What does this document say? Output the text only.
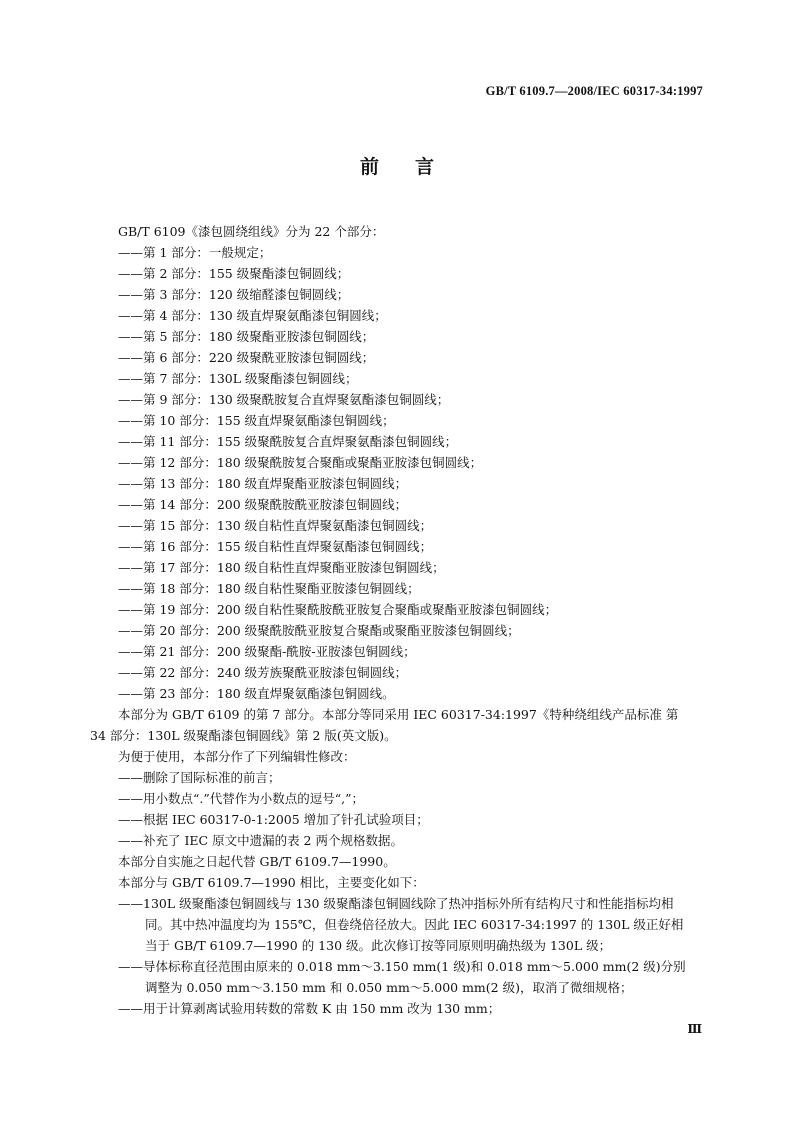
GB/T 6109.7—2008/IEC 60317-34:1997
前言
GB/T 6109《漆包圆绕组线》分为 22 个部分：
——第 1 部分：一般规定；
——第 2 部分：155 级聚酯漆包铜圆线；
——第 3 部分：120 级缩醛漆包铜圆线；
——第 4 部分：130 级直焊聚氨酯漆包铜圆线；
——第 5 部分：180 级聚酯亚胺漆包铜圆线；
——第 6 部分：220 级聚酰亚胺漆包铜圆线；
——第 7 部分：130L 级聚酯漆包铜圆线；
——第 9 部分：130 级聚酰胺复合直焊聚氨酯漆包铜圆线；
——第 10 部分：155 级直焊聚氨酯漆包铜圆线；
——第 11 部分：155 级聚酰胺复合直焊聚氨酯漆包铜圆线；
——第 12 部分：180 级聚酰胺复合聚酯或聚酯亚胺漆包铜圆线；
——第 13 部分：180 级直焊聚酯亚胺漆包铜圆线；
——第 14 部分：200 级聚酰胺酰亚胺漆包铜圆线；
——第 15 部分：130 级自粘性直焊聚氨酯漆包铜圆线；
——第 16 部分：155 级自粘性直焊聚氨酯漆包铜圆线；
——第 17 部分：180 级自粘性直焊聚酯亚胺漆包铜圆线；
——第 18 部分：180 级自粘性聚酯亚胺漆包铜圆线；
——第 19 部分：200 级自粘性聚酰胺酰亚胺复合聚酯或聚酯亚胺漆包铜圆线；
——第 20 部分：200 级聚酰胺酰亚胺复合聚酯或聚酯亚胺漆包铜圆线；
——第 21 部分：200 级聚酯-酰胺-亚胺漆包铜圆线；
——第 22 部分：240 级芳族聚酰亚胺漆包铜圆线；
——第 23 部分：180 级直焊聚氨酯漆包铜圆线。
本部分为 GB/T 6109 的第 7 部分。本部分等同采用 IEC 60317-34:1997《特种绕组线产品标准 第 34 部分：130L 级聚酯漆包铜圆线》第 2 版(英文版)。
为便于使用，本部分作了下列编辑性修改：
——删除了国际标准的前言；
——用小数点“.”代替作为小数点的逗号“,”；
——根据 IEC 60317-0-1:2005 增加了针孔试验项目；
——补充了 IEC 原文中遗漏的表 2 两个规格数据。
本部分自实施之日起代替 GB/T 6109.7—1990。
本部分与 GB/T 6109.7—1990 相比，主要变化如下：
——130L 级聚酯漆包铜圆线与 130 级聚酯漆包铜圆线除了热冲指标外所有结构尺寸和性能指标均相同。其中热冲温度均为 155℃，但卷绕倍径放大。因此 IEC 60317-34:1997 的 130L 级正好相当于 GB/T 6109.7—1990 的 130 级。此次修订按等同原则明确热级为 130L 级；
——导体标称直径范围由原来的 0.018 mm～3.150 mm(1 级)和 0.018 mm～5.000 mm(2 级)分别调整为 0.050 mm～3.150 mm 和 0.050 mm～5.000 mm(2 级)，取消了微细规格；
——用于计算剥离试验用转数的常数 K 由 150 mm 改为 130 mm；
Ⅲ
